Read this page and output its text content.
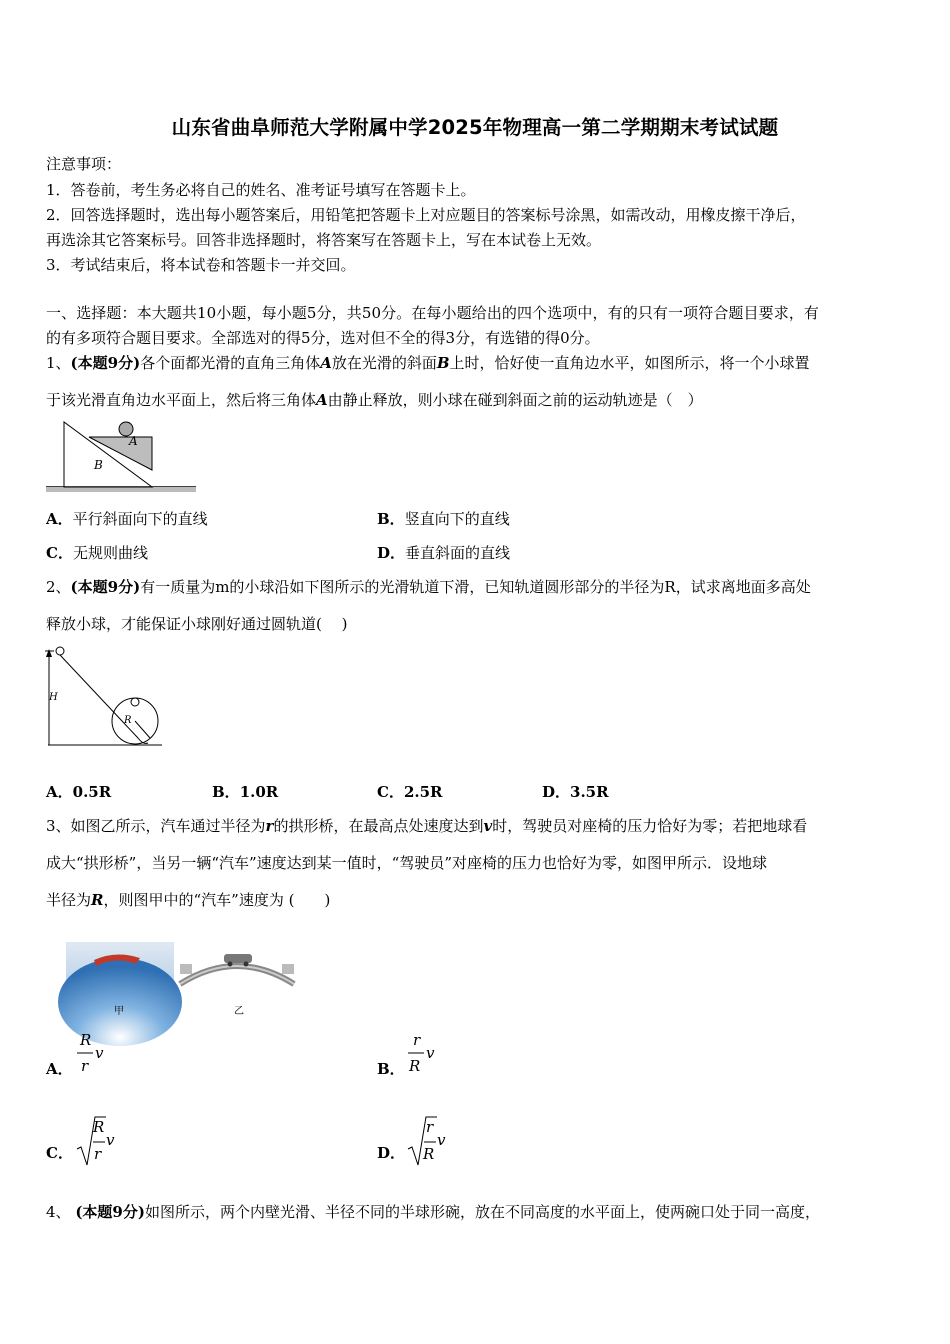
山东省曲阜师范大学附属中学2025年物理高一第二学期期末考试试题
注意事项：
1．答卷前，考生务必将自己的姓名、准考证号填写在答题卡上。
2．回答选择题时，选出每小题答案后，用铅笔把答题卡上对应题目的答案标号涂黑，如需改动，用橡皮擦干净后，
再选涂其它答案标号。回答非选择题时，将答案写在答题卡上，写在本试卷上无效。
3．考试结束后，将本试卷和答题卡一并交回。
一、选择题：本大题共10小题，每小题5分，共50分。在每小题给出的四个选项中，有的只有一项符合题目要求，有
的有多项符合题目要求。全部选对的得5分，选对但不全的得3分，有选错的得0分。
1、(本题9分)各个面都光滑的直角三角体A放在光滑的斜面B上时，恰好使一直角边水平，如图所示，将一个小球置
于该光滑直角边水平面上，然后将三角体A由静止释放，则小球在碰到斜面之前的运动轨迹是（　）
A
B
A．平行斜面向下的直线	B．竖直向下的直线
C．无规则曲线	D．垂直斜面的直线
2、(本题9分)有一质量为m的小球沿如下图所示的光滑轨道下滑，已知轨道圆形部分的半径为R，试求离地面多高处
释放小球，才能保证小球刚好通过圆轨道(　 )
H
R
A．0.5R	B．1.0R	C．2.5R	D．3.5R
3、如图乙所示，汽车通过半径为r的拱形桥，在最高点处速度达到v时，驾驶员对座椅的压力恰好为零；若把地球看
成大“拱形桥”，当另一辆“汽车”速度达到某一值时，“驾驶员”对座椅的压力也恰好为零，如图甲所示．设地球
半径为R，则图甲中的“汽车”速度为 (　　)
甲	乙
A．
R
r
v
B．
r
R
v
C．
R
r
v
D．
r
R
v
4、 (本题9分)如图所示，两个内壁光滑、半径不同的半球形碗，放在不同高度的水平面上，使两碗口处于同一高度，
